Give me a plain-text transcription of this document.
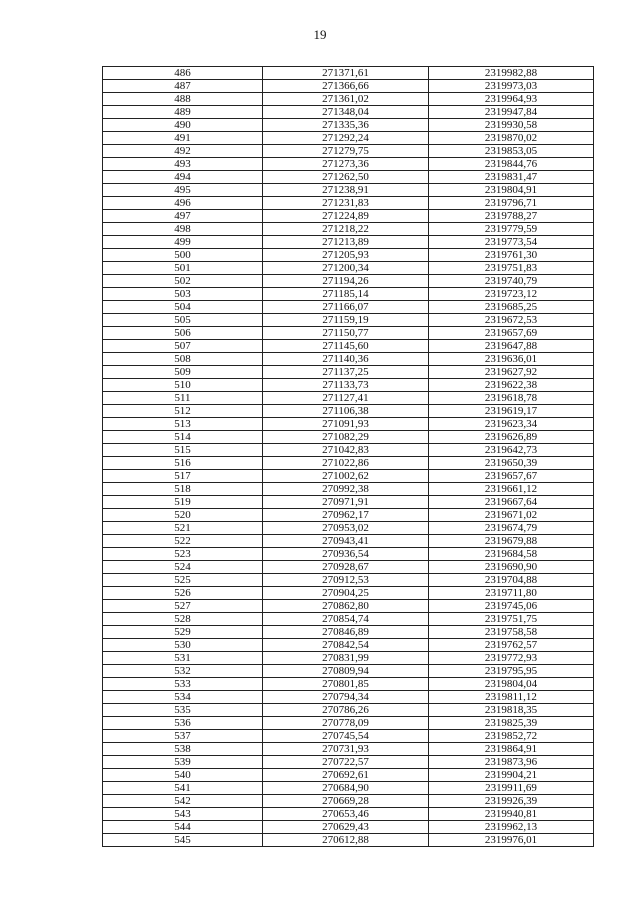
19
486	271371,61	2319982,88
487	271366,66	2319973,03
488	271361,02	2319964,93
489	271348,04	2319947,84
490	271335,36	2319930,58
491	271292,24	2319870,02
492	271279,75	2319853,05
493	271273,36	2319844,76
494	271262,50	2319831,47
495	271238,91	2319804,91
496	271231,83	2319796,71
497	271224,89	2319788,27
498	271218,22	2319779,59
499	271213,89	2319773,54
500	271205,93	2319761,30
501	271200,34	2319751,83
502	271194,26	2319740,79
503	271185,14	2319723,12
504	271166,07	2319685,25
505	271159,19	2319672,53
506	271150,77	2319657,69
507	271145,60	2319647,88
508	271140,36	2319636,01
509	271137,25	2319627,92
510	271133,73	2319622,38
511	271127,41	2319618,78
512	271106,38	2319619,17
513	271091,93	2319623,34
514	271082,29	2319626,89
515	271042,83	2319642,73
516	271022,86	2319650,39
517	271002,62	2319657,67
518	270992,38	2319661,12
519	270971,91	2319667,64
520	270962,17	2319671,02
521	270953,02	2319674,79
522	270943,41	2319679,88
523	270936,54	2319684,58
524	270928,67	2319690,90
525	270912,53	2319704,88
526	270904,25	2319711,80
527	270862,80	2319745,06
528	270854,74	2319751,75
529	270846,89	2319758,58
530	270842,54	2319762,57
531	270831,99	2319772,93
532	270809,94	2319795,95
533	270801,85	2319804,04
534	270794,34	2319811,12
535	270786,26	2319818,35
536	270778,09	2319825,39
537	270745,54	2319852,72
538	270731,93	2319864,91
539	270722,57	2319873,96
540	270692,61	2319904,21
541	270684,90	2319911,69
542	270669,28	2319926,39
543	270653,46	2319940,81
544	270629,43	2319962,13
545	270612,88	2319976,01
